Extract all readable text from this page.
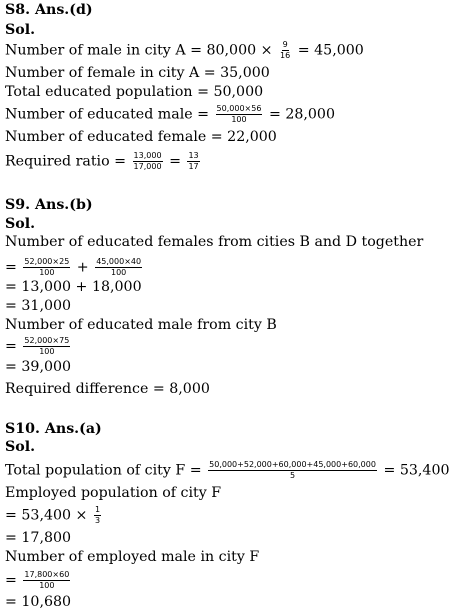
S8. Ans.(d)
Sol.
Number of male in city $A = 80,000 \times \frac{9}{16} = 45,000$
Number of female in city A = 35,000
Total educated population = 50,000
Number of educated male = $\frac{50,000\times 56}{100} = 28,000$
Number of educated female = 22,000
Required ratio = $\frac{13,000}{17,000} = \frac{13}{17}$
S9. Ans.(b)
Sol.
Number of educated females from cities B and D together
= $\frac{52,000\times 25}{100} + \frac{45,000\times 40}{100}$
= 13,000 + 18,000
= 31,000
Number of educated male from city B
= $\frac{52,000\times 75}{100}$
= 39,000
Required difference = 8,000
S10. Ans.(a)
Sol.
Total population of city $F = \frac{50,000+52,000+60,000+45,000+60,000}{5} = 53,400$
Employed population of city F
= $53,400 \times \frac{1}{3}$
= 17,800
Number of employed male in city F
= $\frac{17,800\times 60}{100}$
= 10,680
